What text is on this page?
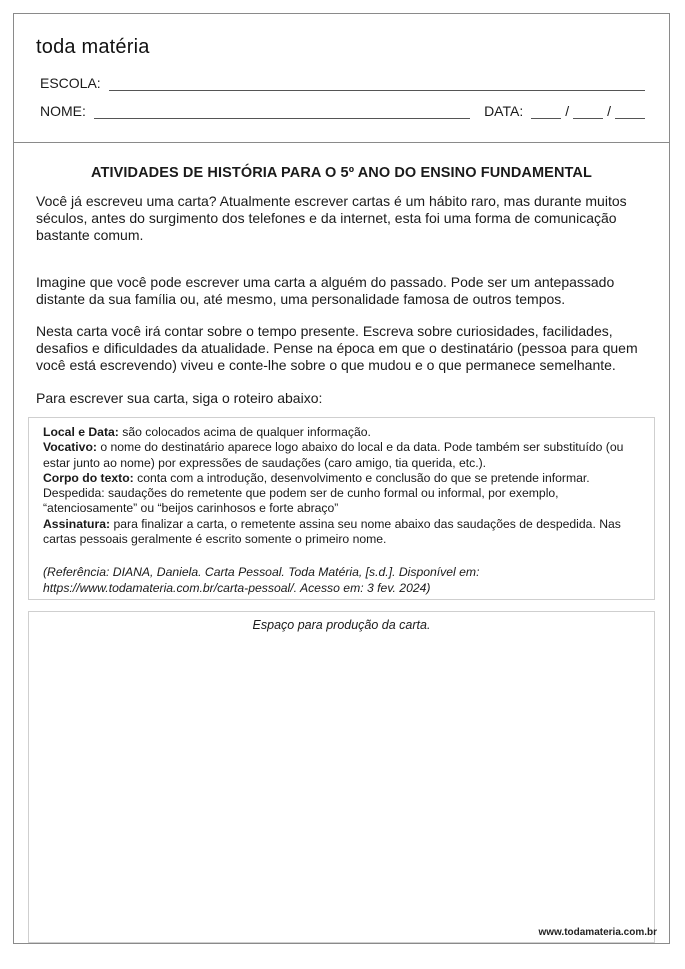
toda matéria
ESCOLA:
NOME:	DATA:	/	/
ATIVIDADES DE HISTÓRIA PARA O 5º ANO DO ENSINO FUNDAMENTAL

Você já escreveu uma carta? Atualmente escrever cartas é um hábito raro, mas durante muitos séculos, antes do surgimento dos telefones e da internet, esta foi uma forma de comunicação bastante comum.

Imagine que você pode escrever uma carta a alguém do passado. Pode ser um antepassado distante da sua família ou, até mesmo, uma personalidade famosa de outros tempos.

Nesta carta você irá contar sobre o tempo presente. Escreva sobre curiosidades, facilidades, desafios e dificuldades da atualidade. Pense na época em que o destinatário (pessoa para quem você está escrevendo) viveu e conte-lhe sobre o que mudou e o que permanece semelhante.

Para escrever sua carta, siga o roteiro abaixo:

Local e Data: são colocados acima de qualquer informação.

Vocativo: o nome do destinatário aparece logo abaixo do local e da data. Pode também ser substituído (ou estar junto ao nome) por expressões de saudações (caro amigo, tia querida, etc.).

Corpo do texto: conta com a introdução, desenvolvimento e conclusão do que se pretende informar.

Despedida: saudações do remetente que podem ser de cunho formal ou informal, por exemplo, “atenciosamente” ou “beijos carinhosos e forte abraço”

Assinatura: para finalizar a carta, o remetente assina seu nome abaixo das saudações de despedida. Nas cartas pessoais geralmente é escrito somente o primeiro nome.

(Referência: DIANA, Daniela. Carta Pessoal. Toda Matéria, [s.d.]. Disponível em: https://www.todamateria.com.br/carta-pessoal/. Acesso em: 3 fev. 2024)

Espaço para produção da carta.
www.todamateria.com.br
